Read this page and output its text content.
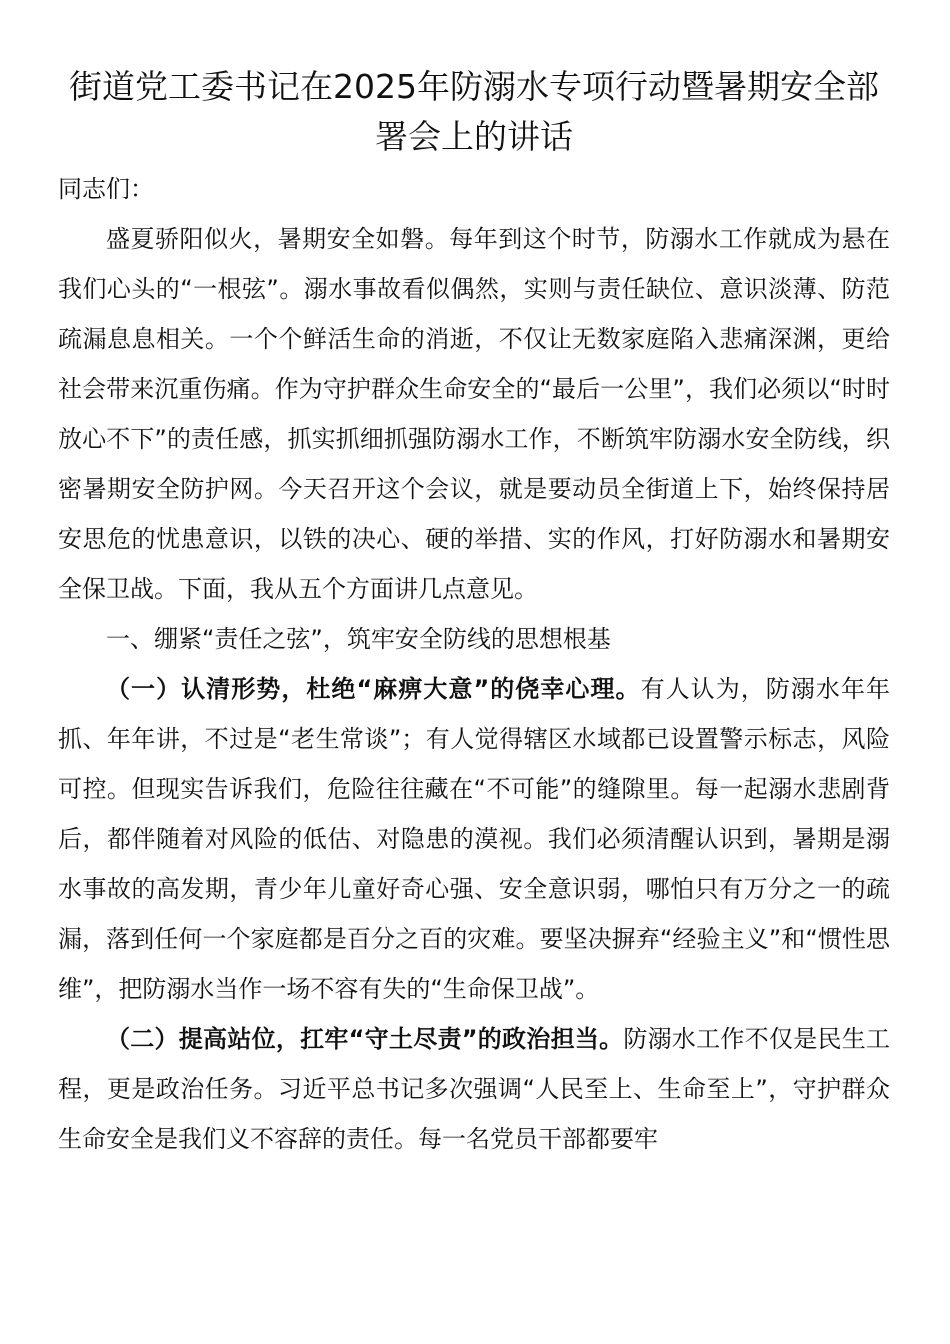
街道党工委书记在2025年防溺水专项行动暨暑期安全部署会上的讲话

同志们：

盛夏骄阳似火，暑期安全如磐。每年到这个时节，防溺水工作就成为悬在我们心头的“一根弦”。溺水事故看似偶然，实则与责任缺位、意识淡薄、防范疏漏息息相关。一个个鲜活生命的消逝，不仅让无数家庭陷入悲痛深渊，更给社会带来沉重伤痛。作为守护群众生命安全的“最后一公里”，我们必须以“时时放心不下”的责任感，抓实抓细抓强防溺水工作，不断筑牢防溺水安全防线，织密暑期安全防护网。今天召开这个会议，就是要动员全街道上下，始终保持居安思危的忧患意识，以铁的决心、硬的举措、实的作风，打好防溺水和暑期安全保卫战。下面，我从五个方面讲几点意见。

一、绷紧“责任之弦”，筑牢安全防线的思想根基

（一）认清形势，杜绝“麻痹大意”的侥幸心理。有人认为，防溺水年年抓、年年讲，不过是“老生常谈”；有人觉得辖区水域都已设置警示标志，风险可控。但现实告诉我们，危险往往藏在“不可能”的缝隙里。每一起溺水悲剧背后，都伴随着对风险的低估、对隐患的漠视。我们必须清醒认识到，暑期是溺水事故的高发期，青少年儿童好奇心强、安全意识弱，哪怕只有万分之一的疏漏，落到任何一个家庭都是百分之百的灾难。要坚决摒弃“经验主义”和“惯性思维”，把防溺水当作一场不容有失的“生命保卫战”。

（二）提高站位，扛牢“守土尽责”的政治担当。防溺水工作不仅是民生工程，更是政治任务。习近平总书记多次强调“人民至上、生命至上”，守护群众生命安全是我们义不容辞的责任。每一名党员干部都要牢
